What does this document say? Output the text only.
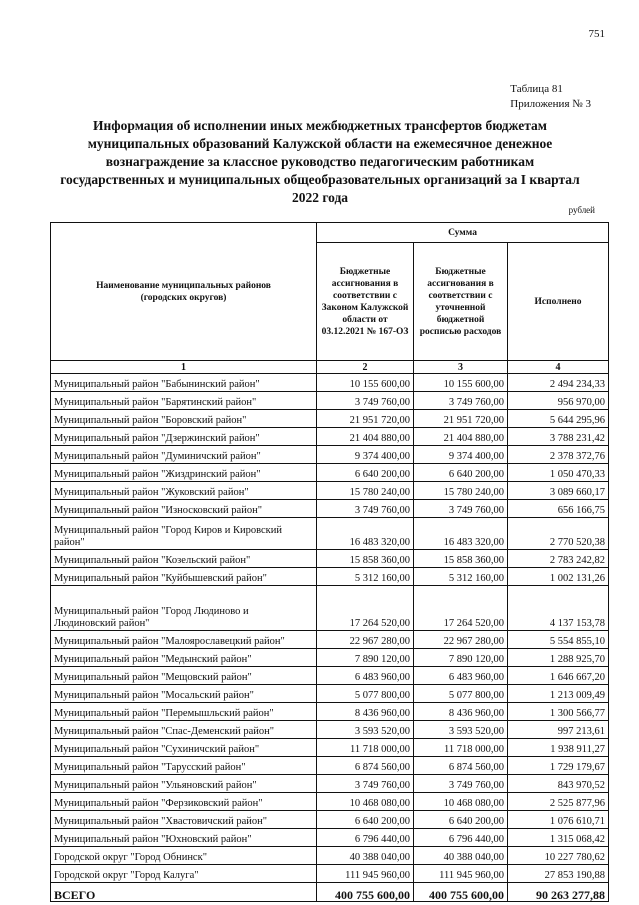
751
Таблица 81
Приложения № 3
Информация об исполнении иных межбюджетных трансфертов бюджетам муниципальных образований Калужской области на ежемесячное денежное вознаграждение за классное руководство педагогическим работникам государственных и муниципальных общеобразовательных организаций за I квартал 2022 года
рублей
Наименование муниципальных районов (городских округов)	Сумма		
	Бюджетные ассигнования в соответствии с Законом Калужской области от 03.12.2021 № 167-ОЗ	Бюджетные ассигнования в соответствии с уточненной бюджетной росписью расходов	Исполнено
1	2	3	4
Муниципальный район "Бабынинский район"	10 155 600,00	10 155 600,00	2 494 234,33
Муниципальный район "Барятинский район"	3 749 760,00	3 749 760,00	956 970,00
Муниципальный район "Боровский район"	21 951 720,00	21 951 720,00	5 644 295,96
Муниципальный район "Дзержинский район"	21 404 880,00	21 404 880,00	3 788 231,42
Муниципальный район "Думиничский район"	9 374 400,00	9 374 400,00	2 378 372,76
Муниципальный район "Жиздринский район"	6 640 200,00	6 640 200,00	1 050 470,33
Муниципальный район "Жуковский район"	15 780 240,00	15 780 240,00	3 089 660,17
Муниципальный район "Износковский район"	3 749 760,00	3 749 760,00	656 166,75
Муниципальный район "Город Киров и Кировский район"	16 483 320,00	16 483 320,00	2 770 520,38
Муниципальный район "Козельский район"	15 858 360,00	15 858 360,00	2 783 242,82
Муниципальный район "Куйбышевский район"	5 312 160,00	5 312 160,00	1 002 131,26
Муниципальный район "Город Людиново и Людиновский район"	17 264 520,00	17 264 520,00	4 137 153,78
Муниципальный район "Малоярославецкий район"	22 967 280,00	22 967 280,00	5 554 855,10
Муниципальный район "Медынский район"	7 890 120,00	7 890 120,00	1 288 925,70
Муниципальный район "Мещовский район"	6 483 960,00	6 483 960,00	1 646 667,20
Муниципальный район "Мосальский район"	5 077 800,00	5 077 800,00	1 213 009,49
Муниципальный район "Перемышльский район"	8 436 960,00	8 436 960,00	1 300 566,77
Муниципальный район "Спас-Деменский район"	3 593 520,00	3 593 520,00	997 213,61
Муниципальный район "Сухиничский район"	11 718 000,00	11 718 000,00	1 938 911,27
Муниципальный район "Тарусский район"	6 874 560,00	6 874 560,00	1 729 179,67
Муниципальный район "Ульяновский район"	3 749 760,00	3 749 760,00	843 970,52
Муниципальный район "Ферзиковский район"	10 468 080,00	10 468 080,00	2 525 877,96
Муниципальный район "Хвастовичский район"	6 640 200,00	6 640 200,00	1 076 610,71
Муниципальный район "Юхновский район"	6 796 440,00	6 796 440,00	1 315 068,42
Городской округ "Город Обнинск"	40 388 040,00	40 388 040,00	10 227 780,62
Городской округ "Город Калуга"	111 945 960,00	111 945 960,00	27 853 190,88
ВСЕГО	400 755 600,00	400 755 600,00	90 263 277,88
